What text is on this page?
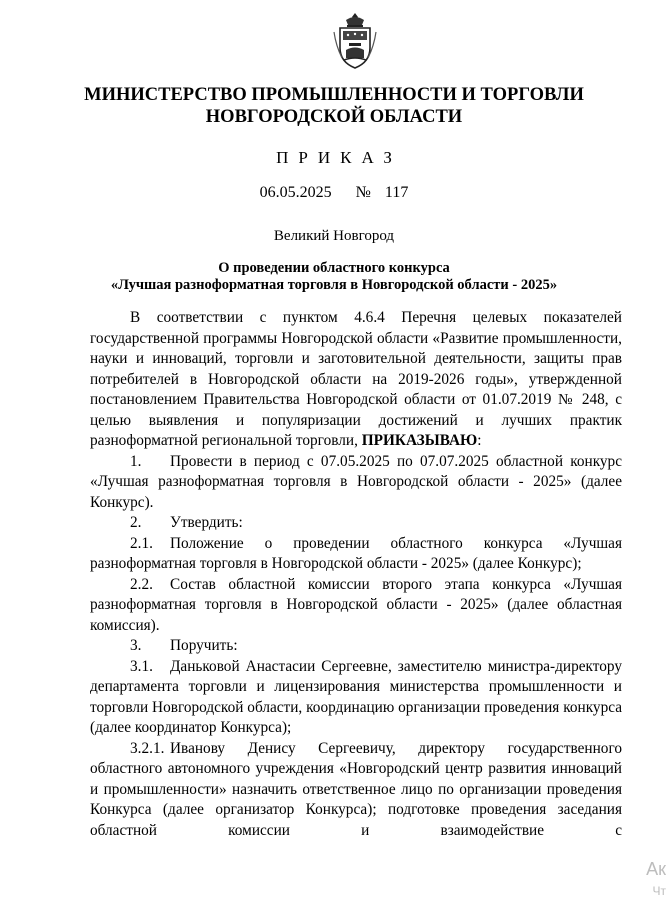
МИНИСТЕРСТВО ПРОМЫШЛЕННОСТИ И ТОРГОВЛИ
НОВГОРОДСКОЙ ОБЛАСТИ
ПРИКАЗ
06.05.2025 № 117
Великий Новгород
О проведении областного конкурса
«Лучшая разноформатная торговля в Новгородской области - 2025»

В соответствии с пунктом 4.6.4 Перечня целевых показателей государственной программы Новгородской области «Развитие промышленности, науки и инноваций, торговли и заготовительной деятельности, защиты прав потребителей в Новгородской области на 2019-2026 годы», утвержденной постановлением Правительства Новгородской области от 01.07.2019 № 248, с целью выявления и популяризации достижений и лучших практик разноформатной региональной торговли, ПРИКАЗЫВАЮ:

1. Провести в период с 07.05.2025 по 07.07.2025 областной конкурс «Лучшая разноформатная торговля в Новгородской области - 2025» (далее Конкурс).

2. Утвердить:

2.1. Положение о проведении областного конкурса «Лучшая разноформатная торговля в Новгородской области - 2025» (далее Конкурс);

2.2. Состав областной комиссии второго этапа конкурса «Лучшая разноформатная торговля в Новгородской области - 2025» (далее областная комиссия).

3. Поручить:

3.1. Даньковой Анастасии Сергеевне, заместителю министра-директору департамента торговли и лицензирования министерства промышленности и торговли Новгородской области, координацию организации проведения конкурса (далее координатор Конкурса);

3.2.1. Иванову Денису Сергеевичу, директору государственного областного автономного учреждения «Новгородский центр развития инноваций и промышленности» назначить ответственное лицо по организации проведения Конкурса (далее организатор Конкурса); подготовке проведения заседания областной комиссии и взаимодействие с

Ак
Чт
